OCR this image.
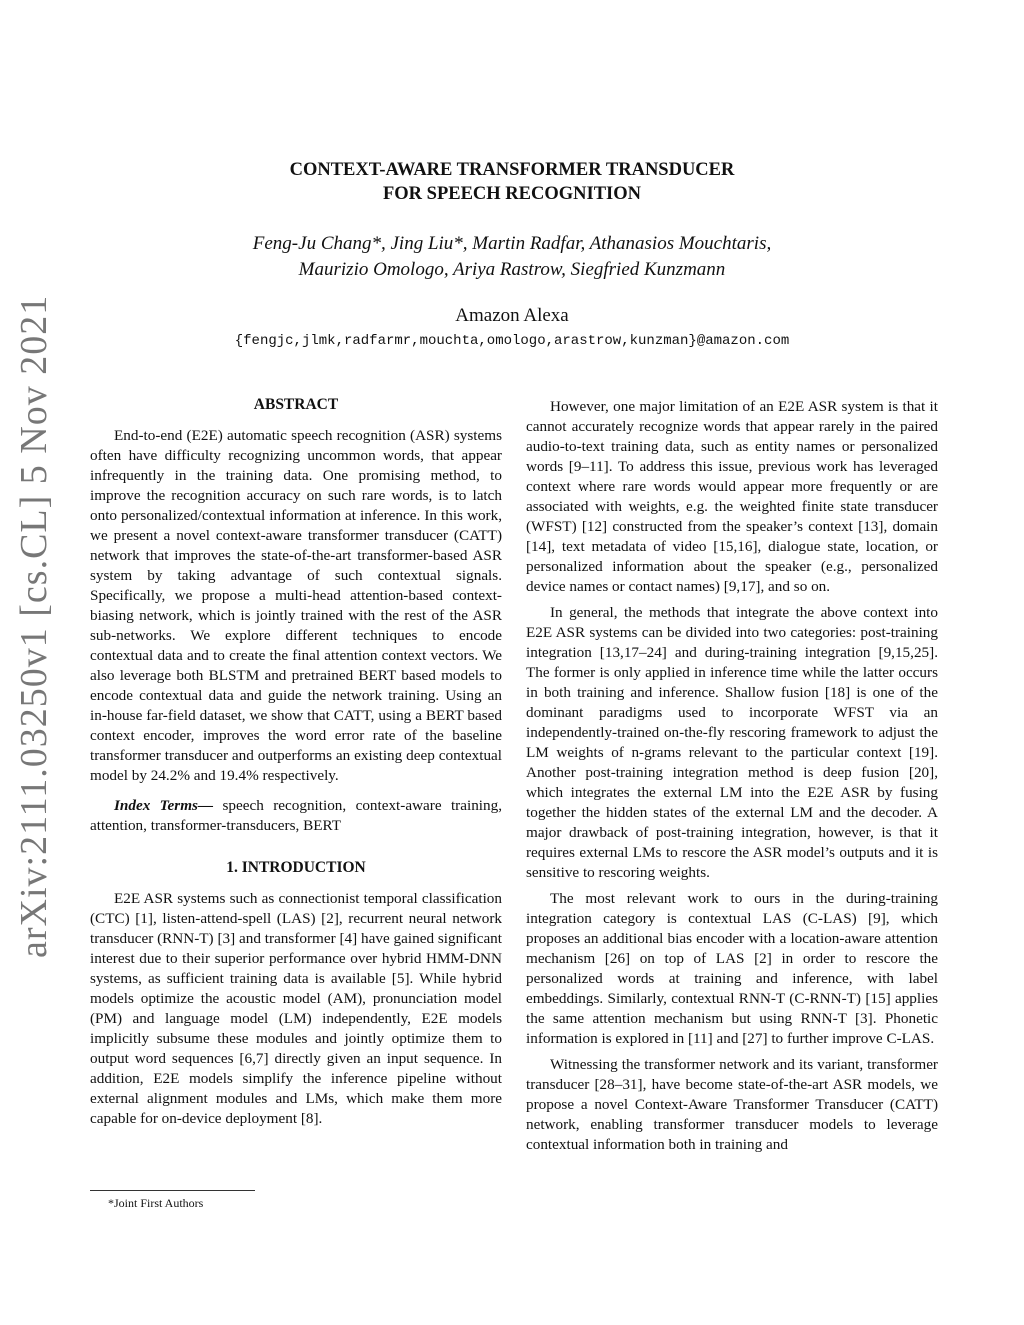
arXiv:2111.03250v1 [cs.CL] 5 Nov 2021
CONTEXT-AWARE TRANSFORMER TRANSDUCER
FOR SPEECH RECOGNITION
Feng-Ju Chang*, Jing Liu*, Martin Radfar, Athanasios Mouchtaris,
Maurizio Omologo, Ariya Rastrow, Siegfried Kunzmann
Amazon Alexa
{fengjc,jlmk,radfarmr,mouchta,omologo,arastrow,kunzman}@amazon.com
ABSTRACT

End-to-end (E2E) automatic speech recognition (ASR) systems often have difficulty recognizing uncommon words, that appear infrequently in the training data. One promising method, to improve the recognition accuracy on such rare words, is to latch onto personalized/contextual information at inference. In this work, we present a novel context-aware transformer transducer (CATT) network that improves the state-of-the-art transformer-based ASR system by taking advantage of such contextual signals. Specifically, we propose a multi-head attention-based context-biasing network, which is jointly trained with the rest of the ASR sub-networks. We explore different techniques to encode contextual data and to create the final attention context vectors. We also leverage both BLSTM and pretrained BERT based models to encode contextual data and guide the network training. Using an in-house far-field dataset, we show that CATT, using a BERT based context encoder, improves the word error rate of the baseline transformer transducer and outperforms an existing deep contextual model by 24.2% and 19.4% respectively.

Index Terms— speech recognition, context-aware training, attention, transformer-transducers, BERT

1. INTRODUCTION

E2E ASR systems such as connectionist temporal classification (CTC) [1], listen-attend-spell (LAS) [2], recurrent neural network transducer (RNN-T) [3] and transformer [4] have gained significant interest due to their superior performance over hybrid HMM-DNN systems, as sufficient training data is available [5]. While hybrid models optimize the acoustic model (AM), pronunciation model (PM) and language model (LM) independently, E2E models implicitly subsume these modules and jointly optimize them to output word sequences [6,7] directly given an input sequence. In addition, E2E models simplify the inference pipeline without external alignment modules and LMs, which make them more capable for on-device deployment [8].

However, one major limitation of an E2E ASR system is that it cannot accurately recognize words that appear rarely in the paired audio-to-text training data, such as entity names or personalized words [9–11]. To address this issue, previous work has leveraged context where rare words would appear more frequently or are associated with weights, e.g. the weighted finite state transducer (WFST) [12] constructed from the speaker’s context [13], domain [14], text metadata of video [15,16], dialogue state, location, or personalized information about the speaker (e.g., personalized device names or contact names) [9,17], and so on.

In general, the methods that integrate the above context into E2E ASR systems can be divided into two categories: post-training integration [13,17–24] and during-training integration [9,15,25]. The former is only applied in inference time while the latter occurs in both training and inference. Shallow fusion [18] is one of the dominant paradigms used to incorporate WFST via an independently-trained on-the-fly rescoring framework to adjust the LM weights of n-grams relevant to the particular context [19]. Another post-training integration method is deep fusion [20], which integrates the external LM into the E2E ASR by fusing together the hidden states of the external LM and the decoder. A major drawback of post-training integration, however, is that it requires external LMs to rescore the ASR model’s outputs and it is sensitive to rescoring weights.

The most relevant work to ours in the during-training integration category is contextual LAS (C-LAS) [9], which proposes an additional bias encoder with a location-aware attention mechanism [26] on top of LAS [2] in order to rescore the personalized words at training and inference, with label embeddings. Similarly, contextual RNN-T (C-RNN-T) [15] applies the same attention mechanism but using RNN-T [3]. Phonetic information is explored in [11] and [27] to further improve C-LAS.

Witnessing the transformer network and its variant, transformer transducer [28–31], have become state-of-the-art ASR models, we propose a novel Context-Aware Transformer Transducer (CATT) network, enabling transformer transducer models to leverage contextual information both in training and

*Joint First Authors
